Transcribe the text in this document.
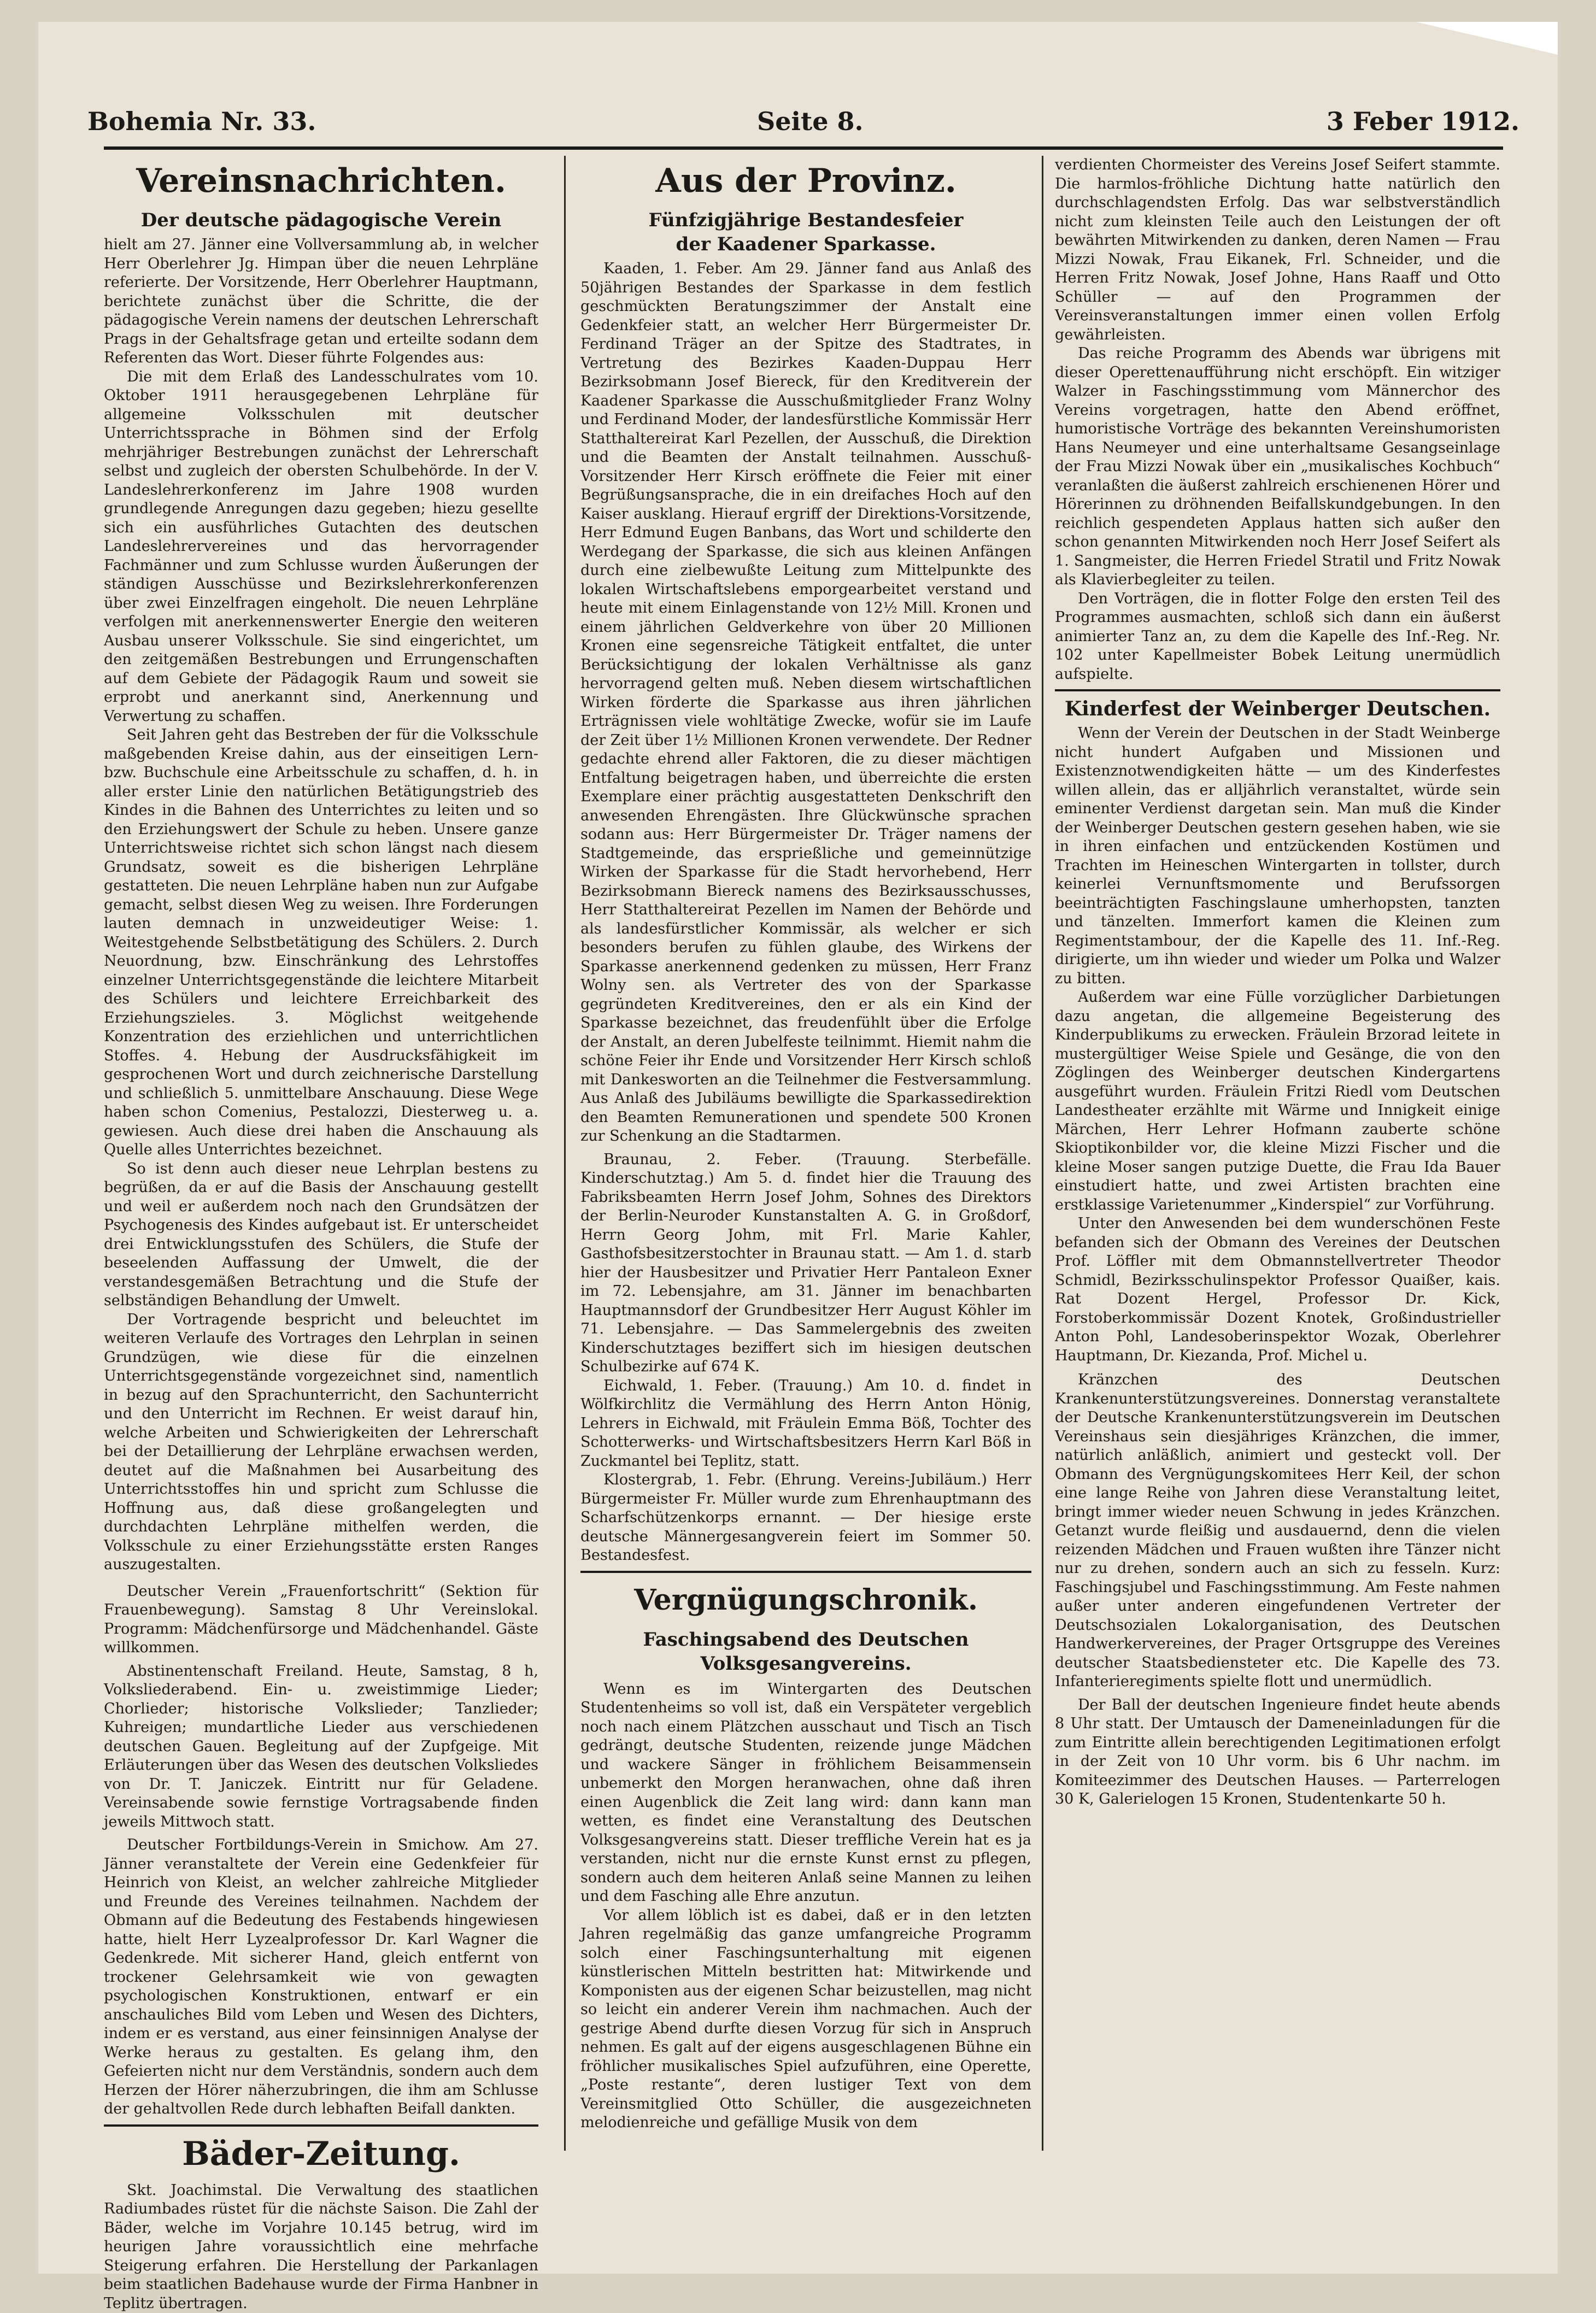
Bohemia Nr. 33.	Seite 8.	3 Feber 1912.
Vereinsnachrichten.
Der deutsche pädagogische Verein

hielt am 27. Jänner eine Vollversammlung ab, in welcher Herr Oberlehrer Jg. Himpan über die neuen Lehrpläne referierte. Der Vorsitzende, Herr Oberlehrer Hauptmann, berichtete zunächst über die Schritte, die der pädagogische Verein namens der deutschen Lehrerschaft Prags in der Gehaltsfrage getan und erteilte sodann dem Referenten das Wort. Dieser führte Folgendes aus:

Die mit dem Erlaß des Landesschulrates vom 10. Oktober 1911 herausgegebenen Lehrpläne für allgemeine Volksschulen mit deutscher Unterrichtssprache in Böhmen sind der Erfolg mehrjähriger Bestrebungen zunächst der Lehrerschaft selbst und zugleich der obersten Schulbehörde. In der V. Landeslehrerkonferenz im Jahre 1908 wurden grundlegende Anregungen dazu gegeben; hiezu gesellte sich ein ausführliches Gutachten des deutschen Landeslehrervereines und das hervorragender Fachmänner und zum Schlusse wurden Äußerungen der ständigen Ausschüsse und Bezirkslehrerkonferenzen über zwei Einzelfragen eingeholt. Die neuen Lehrpläne verfolgen mit anerkennenswerter Energie den weiteren Ausbau unserer Volksschule. Sie sind eingerichtet, um den zeitgemäßen Bestrebungen und Errungenschaften auf dem Gebiete der Pädagogik Raum und soweit sie erprobt und anerkannt sind, Anerkennung und Verwertung zu schaffen.

Seit Jahren geht das Bestreben der für die Volksschule maßgebenden Kreise dahin, aus der einseitigen Lern- bzw. Buchschule eine Arbeitsschule zu schaffen, d. h. in aller erster Linie den natürlichen Betätigungstrieb des Kindes in die Bahnen des Unterrichtes zu leiten und so den Erziehungswert der Schule zu heben. Unsere ganze Unterrichtsweise richtet sich schon längst nach diesem Grundsatz, soweit es die bisherigen Lehrpläne gestatteten. Die neuen Lehrpläne haben nun zur Aufgabe gemacht, selbst diesen Weg zu weisen. Ihre Forderungen lauten demnach in unzweideutiger Weise: 1. Weitestgehende Selbstbetätigung des Schülers. 2. Durch Neuordnung, bzw. Einschränkung des Lehrstoffes einzelner Unterrichtsgegenstände die leichtere Mitarbeit des Schülers und leichtere Erreichbarkeit des Erziehungszieles. 3. Möglichst weitgehende Konzentration des erziehlichen und unterrichtlichen Stoffes. 4. Hebung der Ausdrucksfähigkeit im gesprochenen Wort und durch zeichnerische Darstellung und schließlich 5. unmittelbare Anschauung. Diese Wege haben schon Comenius, Pestalozzi, Diesterweg u. a. gewiesen. Auch diese drei haben die Anschauung als Quelle alles Unterrichtes bezeichnet.

So ist denn auch dieser neue Lehrplan bestens zu begrüßen, da er auf die Basis der Anschauung gestellt und weil er außerdem noch nach den Grundsätzen der Psychogenesis des Kindes aufgebaut ist. Er unterscheidet drei Entwicklungsstufen des Schülers, die Stufe der beseelenden Auffassung der Umwelt, die der verstandesgemäßen Betrachtung und die Stufe der selbständigen Behandlung der Umwelt.

Der Vortragende bespricht und beleuchtet im weiteren Verlaufe des Vortrages den Lehrplan in seinen Grundzügen, wie diese für die einzelnen Unterrichtsgegenstände vorgezeichnet sind, namentlich in bezug auf den Sprachunterricht, den Sachunterricht und den Unterricht im Rechnen. Er weist darauf hin, welche Arbeiten und Schwierigkeiten der Lehrerschaft bei der Detaillierung der Lehrpläne erwachsen werden, deutet auf die Maßnahmen bei Ausarbeitung des Unterrichtsstoffes hin und spricht zum Schlusse die Hoffnung aus, daß diese großangelegten und durchdachten Lehrpläne mithelfen werden, die Volksschule zu einer Erziehungsstätte ersten Ranges auszugestalten.

Deutscher Verein „Frauenfortschritt“ (Sektion für Frauenbewegung). Samstag 8 Uhr Vereinslokal. Programm: Mädchenfürsorge und Mädchenhandel. Gäste willkommen.

Abstinentenschaft Freiland. Heute, Samstag, 8 h, Volksliederabend. Ein- u. zweistimmige Lieder; Chorlieder; historische Volkslieder; Tanzlieder; Kuhreigen; mundartliche Lieder aus verschiedenen deutschen Gauen. Begleitung auf der Zupfgeige. Mit Erläuterungen über das Wesen des deutschen Volksliedes von Dr. T. Janiczek. Eintritt nur für Geladene. Vereinsabende sowie fernstige Vortragsabende finden jeweils Mittwoch statt.

Deutscher Fortbildungs-Verein in Smichow. Am 27. Jänner veranstaltete der Verein eine Gedenkfeier für Heinrich von Kleist, an welcher zahlreiche Mitglieder und Freunde des Vereines teilnahmen. Nachdem der Obmann auf die Bedeutung des Festabends hingewiesen hatte, hielt Herr Lyzealprofessor Dr. Karl Wagner die Gedenkrede. Mit sicherer Hand, gleich entfernt von trockener Gelehrsamkeit wie von gewagten psychologischen Konstruktionen, entwarf er ein anschauliches Bild vom Leben und Wesen des Dichters, indem er es verstand, aus einer feinsinnigen Analyse der Werke heraus zu gestalten. Es gelang ihm, den Gefeierten nicht nur dem Verständnis, sondern auch dem Herzen der Hörer näherzubringen, die ihm am Schlusse der gehaltvollen Rede durch lebhaften Beifall dankten.

Bäder-Zeitung.

Skt. Joachimstal. Die Verwaltung des staatlichen Radiumbades rüstet für die nächste Saison. Die Zahl der Bäder, welche im Vorjahre 10.145 betrug, wird im heurigen Jahre voraussichtlich eine mehrfache Steigerung erfahren. Die Herstellung der Parkanlagen beim staatlichen Badehause wurde der Firma Hanbner in Teplitz übertragen.

Aus der Provinz.
Fünfzigjährige Bestandesfeier
der Kaadener Sparkasse.

Kaaden, 1. Feber. Am 29. Jänner fand aus Anlaß des 50jährigen Bestandes der Sparkasse in dem festlich geschmückten Beratungszimmer der Anstalt eine Gedenkfeier statt, an welcher Herr Bürgermeister Dr. Ferdinand Träger an der Spitze des Stadtrates, in Vertretung des Bezirkes Kaaden-Duppau Herr Bezirksobmann Josef Biereck, für den Kreditverein der Kaadener Sparkasse die Ausschußmitglieder Franz Wolny und Ferdinand Moder, der landesfürstliche Kommissär Herr Statthaltereirat Karl Pezellen, der Ausschuß, die Direktion und die Beamten der Anstalt teilnahmen. Ausschuß-Vorsitzender Herr Kirsch eröffnete die Feier mit einer Begrüßungsansprache, die in ein dreifaches Hoch auf den Kaiser ausklang. Hierauf ergriff der Direktions-Vorsitzende, Herr Edmund Eugen Banbans, das Wort und schilderte den Werdegang der Sparkasse, die sich aus kleinen Anfängen durch eine zielbewußte Leitung zum Mittelpunkte des lokalen Wirtschaftslebens emporgearbeitet verstand und heute mit einem Einlagenstande von 12½ Mill. Kronen und einem jährlichen Geldverkehre von über 20 Millionen Kronen eine segensreiche Tätigkeit entfaltet, die unter Berücksichtigung der lokalen Verhältnisse als ganz hervorragend gelten muß. Neben diesem wirtschaftlichen Wirken förderte die Sparkasse aus ihren jährlichen Erträgnissen viele wohltätige Zwecke, wofür sie im Laufe der Zeit über 1½ Millionen Kronen verwendete. Der Redner gedachte ehrend aller Faktoren, die zu dieser mächtigen Entfaltung beigetragen haben, und überreichte die ersten Exemplare einer prächtig ausgestatteten Denkschrift den anwesenden Ehrengästen. Ihre Glückwünsche sprachen sodann aus: Herr Bürgermeister Dr. Träger namens der Stadtgemeinde, das ersprießliche und gemeinnützige Wirken der Sparkasse für die Stadt hervorhebend, Herr Bezirksobmann Biereck namens des Bezirksausschusses, Herr Statthaltereirat Pezellen im Namen der Behörde und als landesfürstlicher Kommissär, als welcher er sich besonders berufen zu fühlen glaube, des Wirkens der Sparkasse anerkennend gedenken zu müssen, Herr Franz Wolny sen. als Vertreter des von der Sparkasse gegründeten Kreditvereines, den er als ein Kind der Sparkasse bezeichnet, das freudenfühlt über die Erfolge der Anstalt, an deren Jubelfeste teilnimmt. Hiemit nahm die schöne Feier ihr Ende und Vorsitzender Herr Kirsch schloß mit Dankesworten an die Teilnehmer die Festversammlung. Aus Anlaß des Jubiläums bewilligte die Sparkassedirektion den Beamten Remunerationen und spendete 500 Kronen zur Schenkung an die Stadtarmen.

Braunau, 2. Feber. (Trauung. Sterbefälle. Kinderschutztag.) Am 5. d. findet hier die Trauung des Fabriksbeamten Herrn Josef Johm, Sohnes des Direktors der Berlin-Neuroder Kunstanstalten A. G. in Großdorf, Herrn Georg Johm, mit Frl. Marie Kahler, Gasthofsbesitzerstochter in Braunau statt. — Am 1. d. starb hier der Hausbesitzer und Privatier Herr Pantaleon Exner im 72. Lebensjahre, am 31. Jänner im benachbarten Hauptmannsdorf der Grundbesitzer Herr August Köhler im 71. Lebensjahre. — Das Sammelergebnis des zweiten Kinderschutztages beziffert sich im hiesigen deutschen Schulbezirke auf 674 K.

Eichwald, 1. Feber. (Trauung.) Am 10. d. findet in Wölfkirchlitz die Vermählung des Herrn Anton Hönig, Lehrers in Eichwald, mit Fräulein Emma Böß, Tochter des Schotterwerks- und Wirtschaftsbesitzers Herrn Karl Böß in Zuckmantel bei Teplitz, statt.

Klostergrab, 1. Febr. (Ehrung. Vereins-Jubiläum.) Herr Bürgermeister Fr. Müller wurde zum Ehrenhauptmann des Scharfschützenkorps ernannt. — Der hiesige erste deutsche Männergesangverein feiert im Sommer 50. Bestandesfest.

Vergnügungschronik.
Faschingsabend des Deutschen Volksgesangvereins.

Wenn es im Wintergarten des Deutschen Studentenheims so voll ist, daß ein Verspäteter vergeblich noch nach einem Plätzchen ausschaut und Tisch an Tisch gedrängt, deutsche Studenten, reizende junge Mädchen und wackere Sänger in fröhlichem Beisammensein unbemerkt den Morgen heranwachen, ohne daß ihren einen Augenblick die Zeit lang wird: dann kann man wetten, es findet eine Veranstaltung des Deutschen Volksgesangvereins statt. Dieser treffliche Verein hat es ja verstanden, nicht nur die ernste Kunst ernst zu pflegen, sondern auch dem heiteren Anlaß seine Mannen zu leihen und dem Fasching alle Ehre anzutun.

Vor allem löblich ist es dabei, daß er in den letzten Jahren regelmäßig das ganze umfangreiche Programm solch einer Faschingsunterhaltung mit eigenen künstlerischen Mitteln bestritten hat: Mitwirkende und Komponisten aus der eigenen Schar beizustellen, mag nicht so leicht ein anderer Verein ihm nachmachen. Auch der gestrige Abend durfte diesen Vorzug für sich in Anspruch nehmen. Es galt auf der eigens ausgeschlagenen Bühne ein fröhlicher musikalisches Spiel aufzuführen, eine Operette, „Poste restante“, deren lustiger Text von dem Vereinsmitglied Otto Schüller, die ausgezeichneten melodienreiche und gefällige Musik von dem

verdienten Chormeister des Vereins Josef Seifert stammte. Die harmlos-fröhliche Dichtung hatte natürlich den durchschlagendsten Erfolg. Das war selbstverständlich nicht zum kleinsten Teile auch den Leistungen der oft bewährten Mitwirkenden zu danken, deren Namen — Frau Mizzi Nowak, Frau Eikanek, Frl. Schneider, und die Herren Fritz Nowak, Josef Johne, Hans Raaff und Otto Schüller — auf den Programmen der Vereinsveranstaltungen immer einen vollen Erfolg gewährleisten.

Das reiche Programm des Abends war übrigens mit dieser Operettenaufführung nicht erschöpft. Ein witziger Walzer in Faschingsstimmung vom Männerchor des Vereins vorgetragen, hatte den Abend eröffnet, humoristische Vorträge des bekannten Vereinshumoristen Hans Neumeyer und eine unterhaltsame Gesangseinlage der Frau Mizzi Nowak über ein „musikalisches Kochbuch“ veranlaßten die äußerst zahlreich erschienenen Hörer und Hörerinnen zu dröhnenden Beifallskundgebungen. In den reichlich gespendeten Applaus hatten sich außer den schon genannten Mitwirkenden noch Herr Josef Seifert als 1. Sangmeister, die Herren Friedel Stratil und Fritz Nowak als Klavierbegleiter zu teilen.

Den Vorträgen, die in flotter Folge den ersten Teil des Programmes ausmachten, schloß sich dann ein äußerst animierter Tanz an, zu dem die Kapelle des Inf.-Reg. Nr. 102 unter Kapellmeister Bobek Leitung unermüdlich aufspielte.

Kinderfest der Weinberger Deutschen.

Wenn der Verein der Deutschen in der Stadt Weinberge nicht hundert Aufgaben und Missionen und Existenznotwendigkeiten hätte — um des Kinderfestes willen allein, das er alljährlich veranstaltet, würde sein eminenter Verdienst dargetan sein. Man muß die Kinder der Weinberger Deutschen gestern gesehen haben, wie sie in ihren einfachen und entzückenden Kostümen und Trachten im Heineschen Wintergarten in tollster, durch keinerlei Vernunftsmomente und Berufssorgen beeinträchtigten Faschingslaune umherhopsten, tanzten und tänzelten. Immerfort kamen die Kleinen zum Regimentstambour, der die Kapelle des 11. Inf.-Reg. dirigierte, um ihn wieder und wieder um Polka und Walzer zu bitten.

Außerdem war eine Fülle vorzüglicher Darbietungen dazu angetan, die allgemeine Begeisterung des Kinderpublikums zu erwecken. Fräulein Brzorad leitete in mustergültiger Weise Spiele und Gesänge, die von den Zöglingen des Weinberger deutschen Kindergartens ausgeführt wurden. Fräulein Fritzi Riedl vom Deutschen Landestheater erzählte mit Wärme und Innigkeit einige Märchen, Herr Lehrer Hofmann zauberte schöne Skioptikonbilder vor, die kleine Mizzi Fischer und die kleine Moser sangen putzige Duette, die Frau Ida Bauer einstudiert hatte, und zwei Artisten brachten eine erstklassige Varietenummer „Kinderspiel“ zur Vorführung.

Unter den Anwesenden bei dem wunderschönen Feste befanden sich der Obmann des Vereines der Deutschen Prof. Löffler mit dem Obmannstellvertreter Theodor Schmidl, Bezirksschulinspektor Professor Quaißer, kais. Rat Dozent Hergel, Professor Dr. Kick, Forstoberkommissär Dozent Knotek, Großindustrieller Anton Pohl, Landesoberinspektor Wozak, Oberlehrer Hauptmann, Dr. Kiezanda, Prof. Michel u.

Kränzchen des Deutschen Krankenunterstützungsvereines. Donnerstag veranstaltete der Deutsche Krankenunterstützungsverein im Deutschen Vereinshaus sein diesjähriges Kränzchen, die immer, natürlich anläßlich, animiert und gesteckt voll. Der Obmann des Vergnügungskomitees Herr Keil, der schon eine lange Reihe von Jahren diese Veranstaltung leitet, bringt immer wieder neuen Schwung in jedes Kränzchen. Getanzt wurde fleißig und ausdauernd, denn die vielen reizenden Mädchen und Frauen wußten ihre Tänzer nicht nur zu drehen, sondern auch an sich zu fesseln. Kurz: Faschingsjubel und Faschingsstimmung. Am Feste nahmen außer unter anderen eingefundenen Vertreter der Deutschsozialen Lokalorganisation, des Deutschen Handwerkervereines, der Prager Ortsgruppe des Vereines deutscher Staatsbediensteter etc. Die Kapelle des 73. Infanterieregiments spielte flott und unermüdlich.

Der Ball der deutschen Ingenieure findet heute abends 8 Uhr statt. Der Umtausch der Dameneinladungen für die zum Eintritte allein berechtigenden Legitimationen erfolgt in der Zeit von 10 Uhr vorm. bis 6 Uhr nachm. im Komiteezimmer des Deutschen Hauses. — Parterrelogen 30 K, Galerielogen 15 Kronen, Studentenkarte 50 h.
